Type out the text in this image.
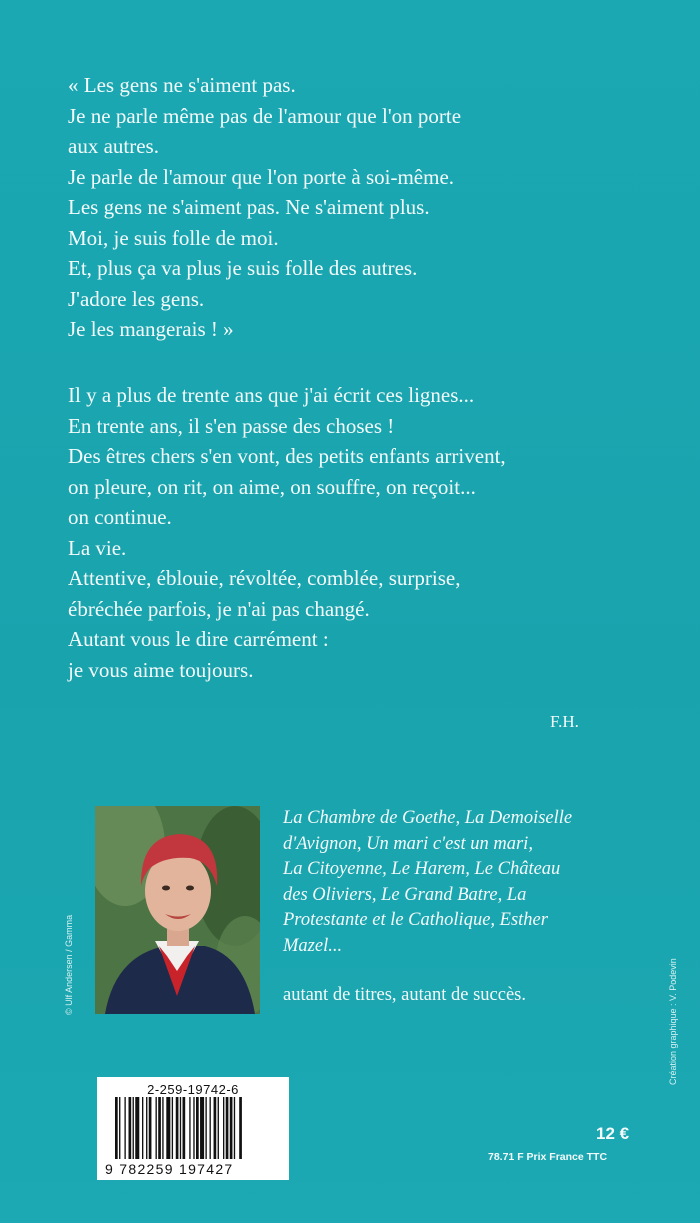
« Les gens ne s'aiment pas.
Je ne parle même pas de l'amour que l'on porte
aux autres.
Je parle de l'amour que l'on porte à soi-même.
Les gens ne s'aiment pas. Ne s'aiment plus.
Moi, je suis folle de moi.
Et, plus ça va plus je suis folle des autres.
J'adore les gens.
Je les mangerais ! »
Il y a plus de trente ans que j'ai écrit ces lignes...
En trente ans, il s'en passe des choses !
Des êtres chers s'en vont, des petits enfants arrivent,
on pleure, on rit, on aime, on souffre, on reçoit...
on continue.
La vie.
Attentive, éblouie, révoltée, comblée, surprise,
ébréchée parfois, je n'ai pas changé.
Autant vous le dire carrément :
je vous aime toujours.
F.H.
© Ulf Andersen / Gamma
La Chambre de Goethe, La Demoiselle
d'Avignon, Un mari c'est un mari,
La Citoyenne, Le Harem, Le Château
des Oliviers, Le Grand Batre, La
Protestante et le Catholique, Esther
Mazel...
autant de titres, autant de succès.	Création graphique : V. Podevin
2-259-19742-6
9 782259 197427
12 €
78.71 F Prix France TTC
